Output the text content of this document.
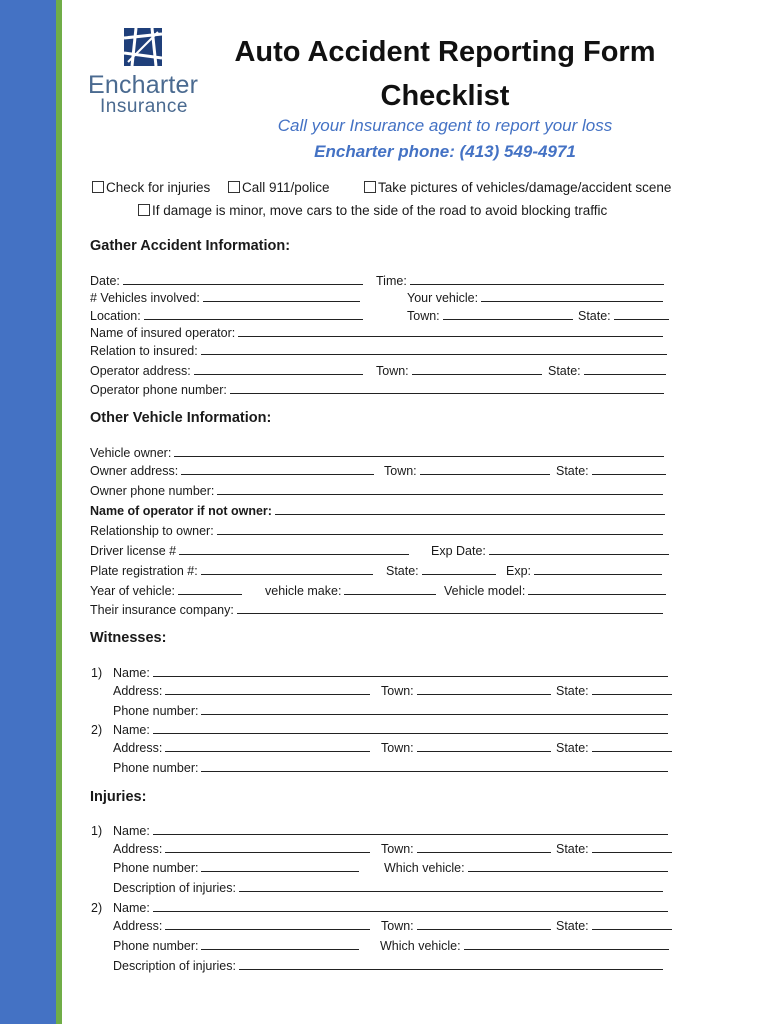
Encharter
Insurance
Auto Accident Reporting Form
Checklist
Call your Insurance agent to report your loss
Encharter phone: (413) 549-4971
Check for injuries	Call 911/police	Take pictures of vehicles/damage/accident scene
If damage is minor, move cars to the side of the road to avoid blocking traffic
Gather Accident Information:
Date:	Time:
# Vehicles involved:	Your vehicle:
Location:	Town:	State:
Name of insured operator:
Relation to insured:
Operator address:	Town:	State:
Operator phone number:
Other Vehicle Information:
Vehicle owner:
Owner address:	Town:	State:
Owner phone number:
Name of operator if not owner:
Relationship to owner:
Driver license #	Exp Date:
Plate registration #:	State:	Exp:
Year of vehicle:	vehicle make:	Vehicle model:
Their insurance company:
Witnesses:
1) Name:
Address:	Town:	State:
Phone number:
2) Name:
Address:	Town:	State:
Phone number:
Injuries:
1) Name:
Address:	Town:	State:
Phone number:	Which vehicle:
Description of injuries:
2) Name:
Address:	Town:	State:
Phone number:	Which vehicle:
Description of injuries:
